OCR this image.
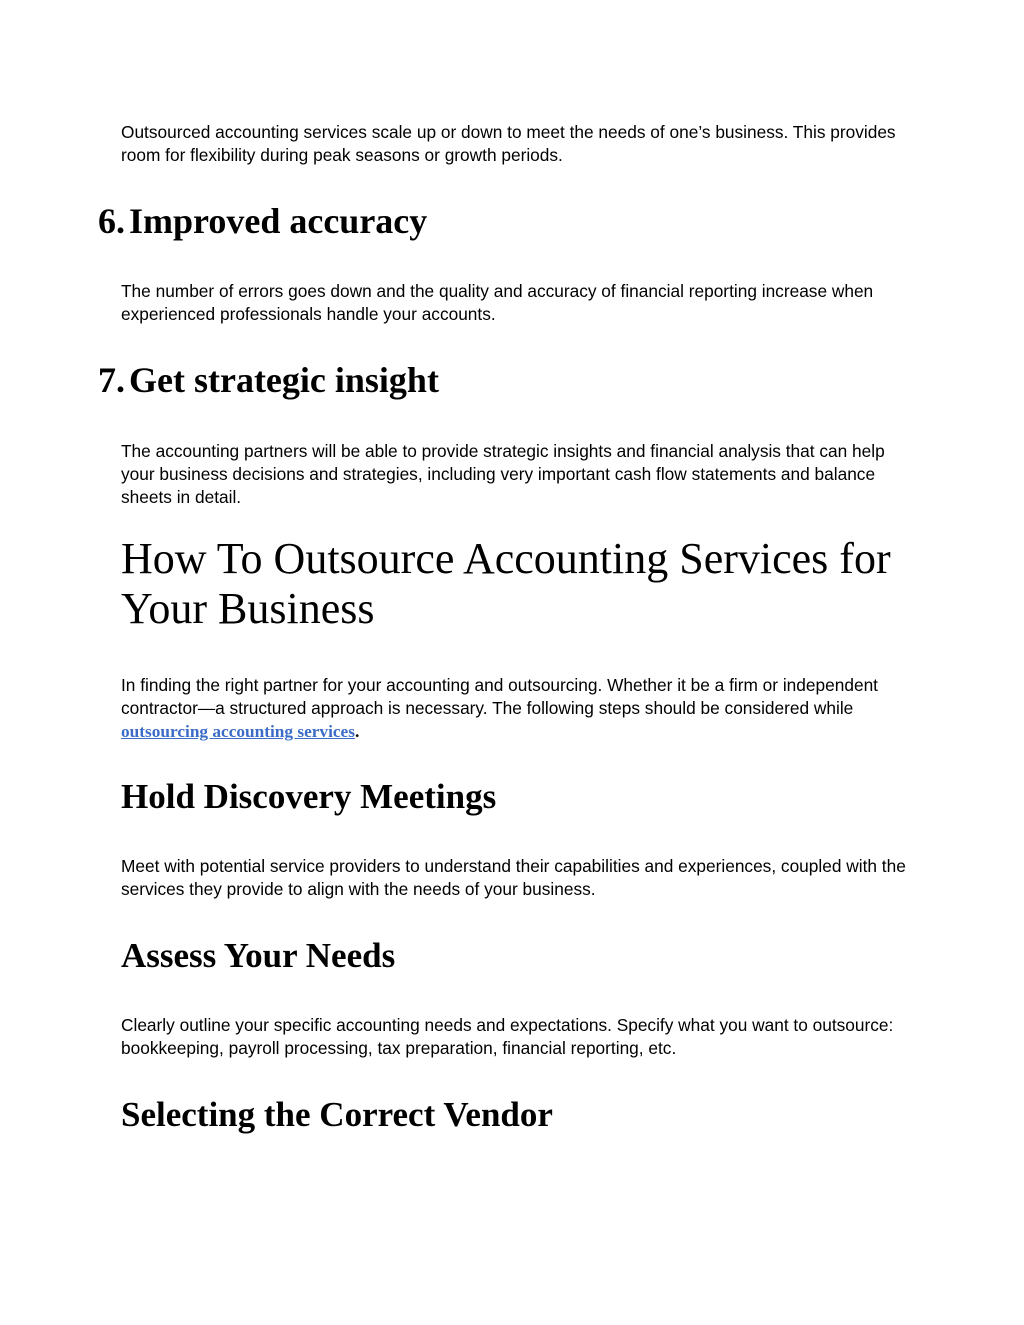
Outsourced accounting services scale up or down to meet the needs of one’s business. This provides room for flexibility during peak seasons or growth periods.

6. Improved accuracy

The number of errors goes down and the quality and accuracy of financial reporting increase when experienced professionals handle your accounts.

7. Get strategic insight

The accounting partners will be able to provide strategic insights and financial analysis that can help your business decisions and strategies, including very important cash flow statements and balance sheets in detail.

How To Outsource Accounting Services for Your Business

In finding the right partner for your accounting and outsourcing. Whether it be a firm or independent contractor—a structured approach is necessary. The following steps should be considered while outsourcing accounting services.

Hold Discovery Meetings

Meet with potential service providers to understand their capabilities and experiences, coupled with the services they provide to align with the needs of your business.

Assess Your Needs

Clearly outline your specific accounting needs and expectations. Specify what you want to outsource: bookkeeping, payroll processing, tax preparation, financial reporting, etc.

Selecting the Correct Vendor
